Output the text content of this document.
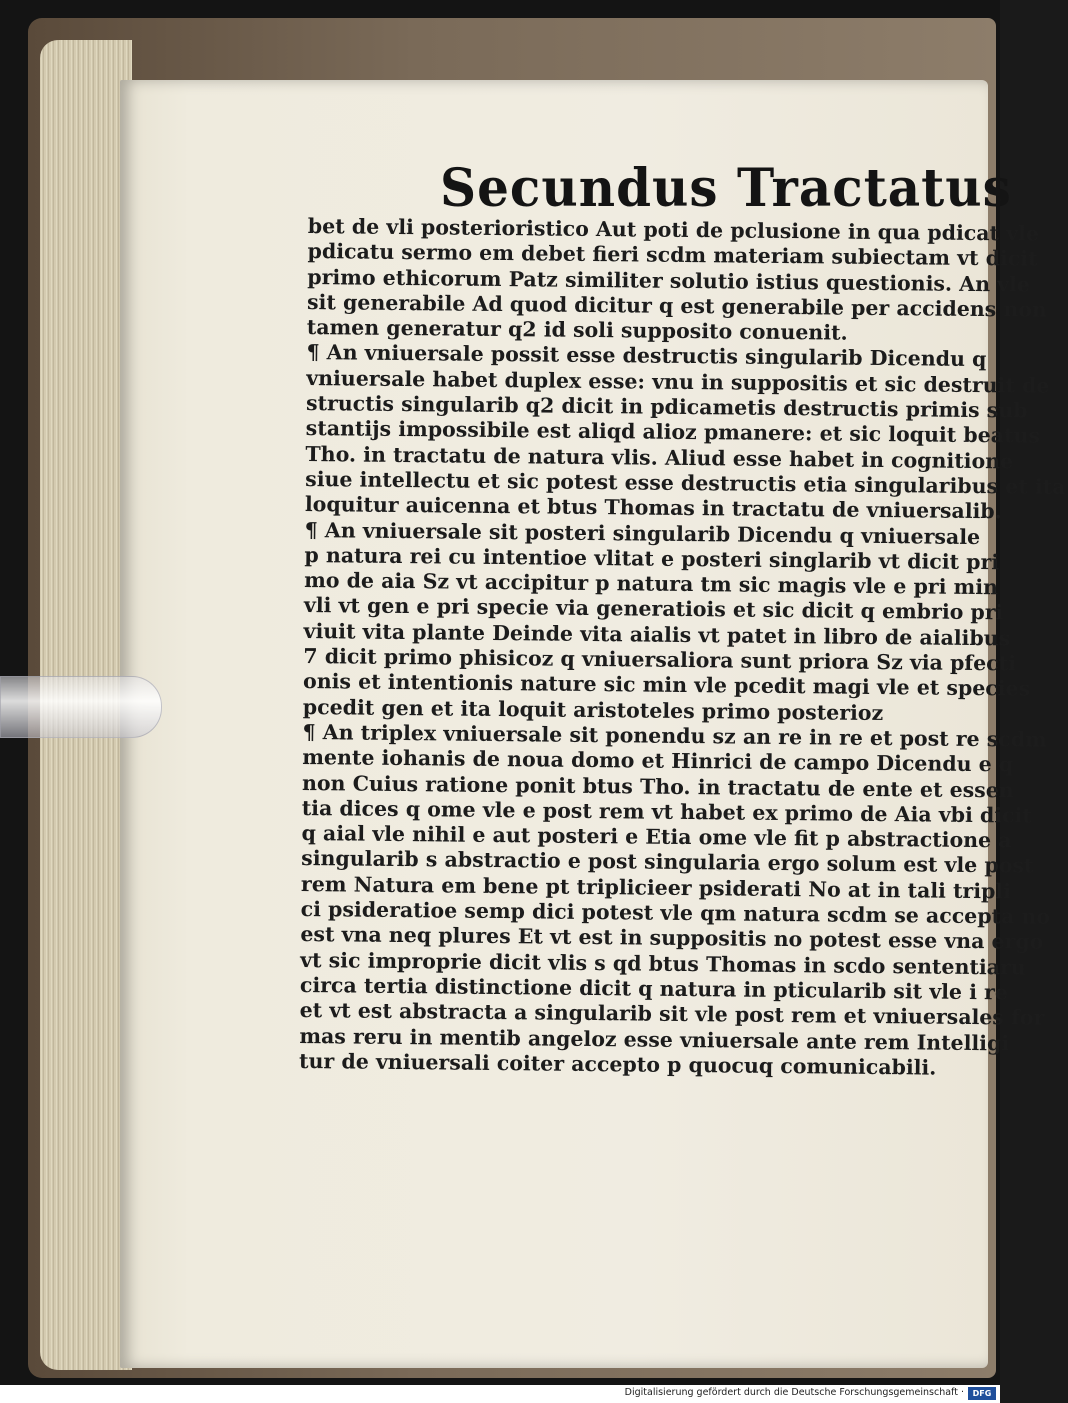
Secundus Tractatus
bet de vli posterioristico Aut poti de pclusione in qua pdicat vle
pdicatu sermo em debet fieri scdm materiam subiectam vt dicit
primo ethicorum Patz similiter solutio istius questionis. An vle
sit generabile Ad quod dicitur q est generabile per accidens non
tamen generatur q2 id soli supposito conuenit.
¶ An vniuersale possit esse destructis singularib Dicendu q
vniuersale habet duplex esse: vnu in suppositis et sic destruit de
structis singularib q2 dicit in pdicametis destructis primis sub
stantijs impossibile est aliqd alioz pmanere: et sic loquit beatus
Tho. in tractatu de natura vlis. Aliud esse habet in cognitione
siue intellectu et sic potest esse destructis etia singularibus et ita
loquitur auicenna et btus Thomas in tractatu de vniuersalib.
¶ An vniuersale sit posteri singularib Dicendu q vniuersale
p natura rei cu intentioe vlitat e posteri singlarib vt dicit pri
mo de aia Sz vt accipitur p natura tm sic magis vle e pri min
vli vt gen e pri specie via generatiois et sic dicit q embrio pri
viuit vita plante Deinde vita aialis vt patet in libro de aialibus
7 dicit primo phisicoz q vniuersaliora sunt priora Sz via pfecti
onis et intentionis nature sic min vle pcedit magi vle et species
pcedit gen et ita loquit aristoteles primo posterioz
¶ An triplex vniuersale sit ponendu sz an re in re et post re scdm
mente iohanis de noua domo et Hinrici de campo Dicendu e q
non Cuius ratione ponit btus Tho. in tractatu de ente et essen
tia dices q ome vle e post rem vt habet ex primo de Aia vbi dicit
q aial vle nihil e aut posteri e Etia ome vle fit p abstractione a
singularib s abstractio e post singularia ergo solum est vle post
rem Natura em bene pt triplicieer psiderati No at in tali tripli
ci psideratioe semp dici potest vle qm natura scdm se accepta no
est vna neq plures Et vt est in suppositis no potest esse vna ergo
vt sic improprie dicit vlis s qd btus Thomas in scdo sententiaru
circa tertia distinctione dicit q natura in pticularib sit vle i re
et vt est abstracta a singularib sit vle post rem et vniuersales for
mas reru in mentib angeloz esse vniuersale ante rem Intelligi
tur de vniuersali coiter accepto p quocuq comunicabili.
Digitalisierung gefördert durch die Deutsche Forschungsgemeinschaft ·	DFG
